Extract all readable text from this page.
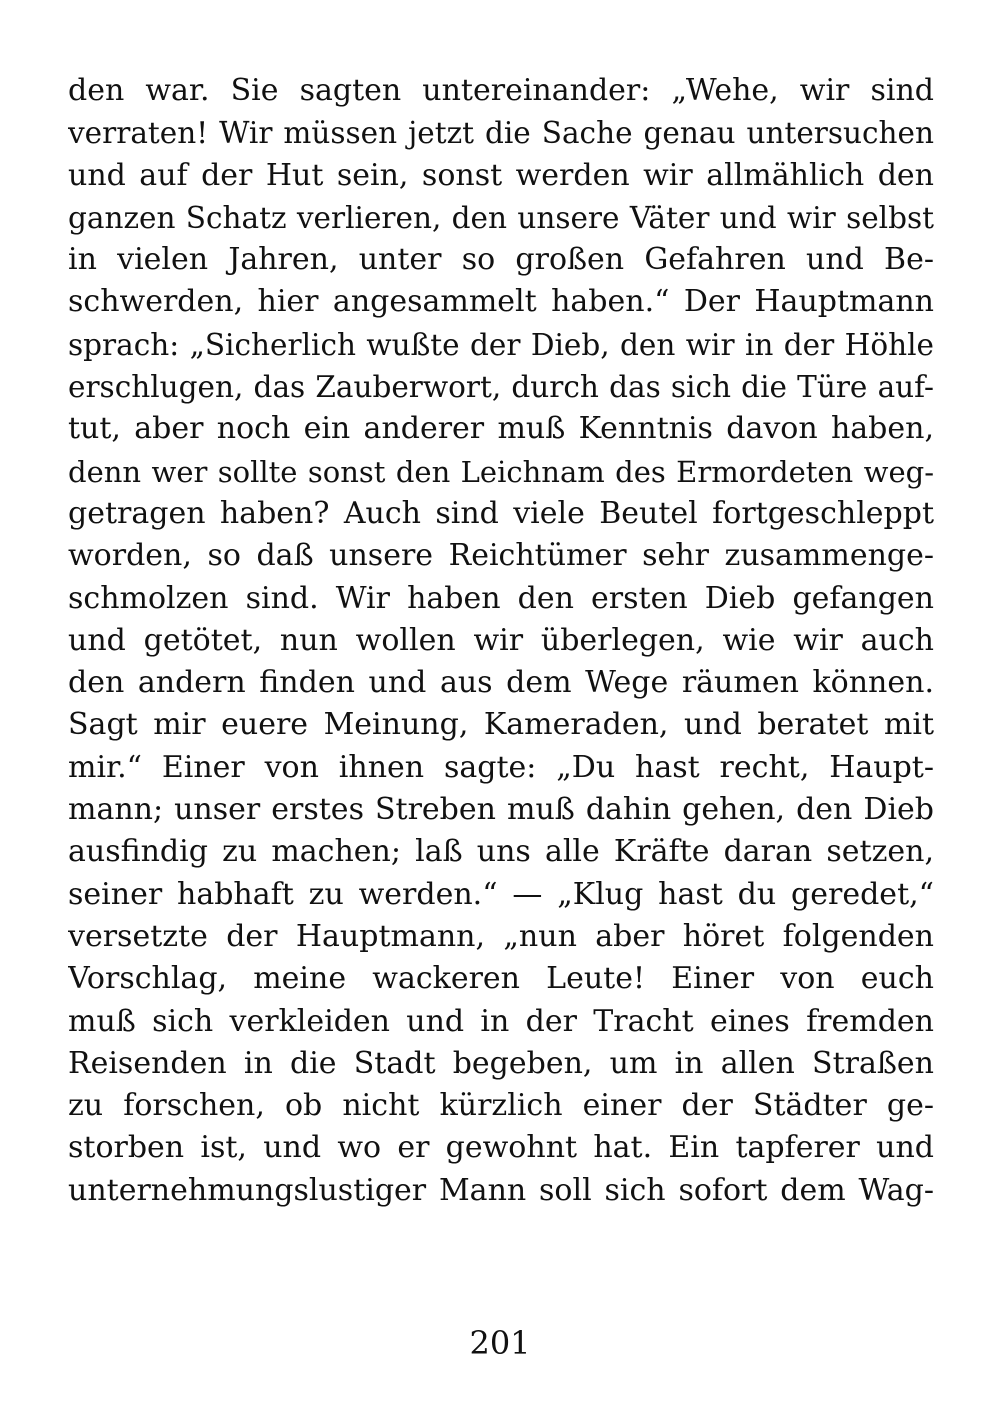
den war. Sie sagten untereinander: „Wehe, wir sind
verraten! Wir müssen jetzt die Sache genau untersuchen
und auf der Hut sein, sonst werden wir allmählich den
ganzen Schatz verlieren, den unsere Väter und wir selbst
in vielen Jahren, unter so großen Gefahren und Be-
schwerden, hier angesammelt haben.“ Der Hauptmann
sprach: „Sicherlich wußte der Dieb, den wir in der Höhle
erschlugen, das Zauberwort, durch das sich die Türe auf-
tut, aber noch ein anderer muß Kenntnis davon haben,
denn wer sollte sonst den Leichnam des Ermordeten weg-
getragen haben? Auch sind viele Beutel fortgeschleppt
worden, so daß unsere Reichtümer sehr zusammenge-
schmolzen sind. Wir haben den ersten Dieb gefangen
und getötet, nun wollen wir überlegen, wie wir auch
den andern finden und aus dem Wege räumen können.
Sagt mir euere Meinung, Kameraden, und beratet mit
mir.“ Einer von ihnen sagte: „Du hast recht, Haupt-
mann; unser erstes Streben muß dahin gehen, den Dieb
ausfindig zu machen; laß uns alle Kräfte daran setzen,
seiner habhaft zu werden.“ — „Klug hast du geredet,“
versetzte der Hauptmann, „nun aber höret folgenden
Vorschlag, meine wackeren Leute! Einer von euch
muß sich verkleiden und in der Tracht eines fremden
Reisenden in die Stadt begeben, um in allen Straßen
zu forschen, ob nicht kürzlich einer der Städter ge-
storben ist, und wo er gewohnt hat. Ein tapferer und
unternehmungslustiger Mann soll sich sofort dem Wag-
201
